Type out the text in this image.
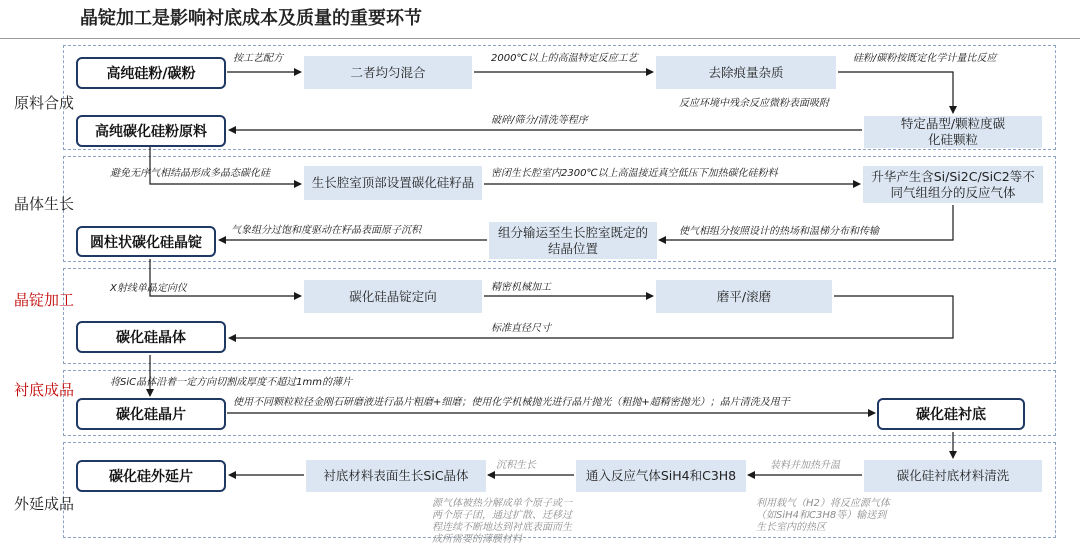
晶锭加工是影响衬底成本及质量的重要环节
原料合成
晶体生长
晶锭加工
衬底成品
外延成品
高纯硅粉/碳粉	二者均匀混合	去除痕量杂质
特定晶型/颗粒度碳化硅颗粒
高纯碳化硅粉原料
生长腔室顶部设置碳化硅籽晶	升华产生含Si/Si2C/SiC2等不同气组组分的反应气体
组分输运至生长腔室既定的结晶位置
圆柱状碳化硅晶锭
碳化硅晶锭定向	磨平/滚磨
碳化硅晶体
碳化硅晶片	碳化硅衬底
碳化硅衬底材料清洗
通入反应气体SiH4和C3H8
衬底材料表面生长SiC晶体
碳化硅外延片
按工艺配方	2000℃以上的高温特定反应工艺	硅粉/碳粉按既定化学计量比反应
反应环境中残余反应微粉表面吸附
破碎/筛分/清洗等程序
避免无序气相结晶形成多晶态碳化硅	密闭生长腔室内2300℃以上高温接近真空低压下加热碳化硅粉料
气象组分过饱和度驱动在籽晶表面原子沉积	使气相组分按照设计的热场和温梯分布和传输
X射线单晶定向仪	精密机械加工
标准直径尺寸
将SiC晶体沿着一定方向切割成厚度不超过1mm的薄片
使用不同颗粒粒径金刚石研磨液进行晶片粗磨+细磨；使用化学机械抛光进行晶片抛光（粗抛+超精密抛光）；晶片清洗及甩干
沉积生长	装料并加热升温
源气体被热分解成单个原子或一两个原子团，通过扩散、迁移过程连续不断地达到衬底表面而生成所需要的薄膜材料
利用载气（H2）将反应源气体（如SiH4和C3H8等）输送到生长室内的热区
